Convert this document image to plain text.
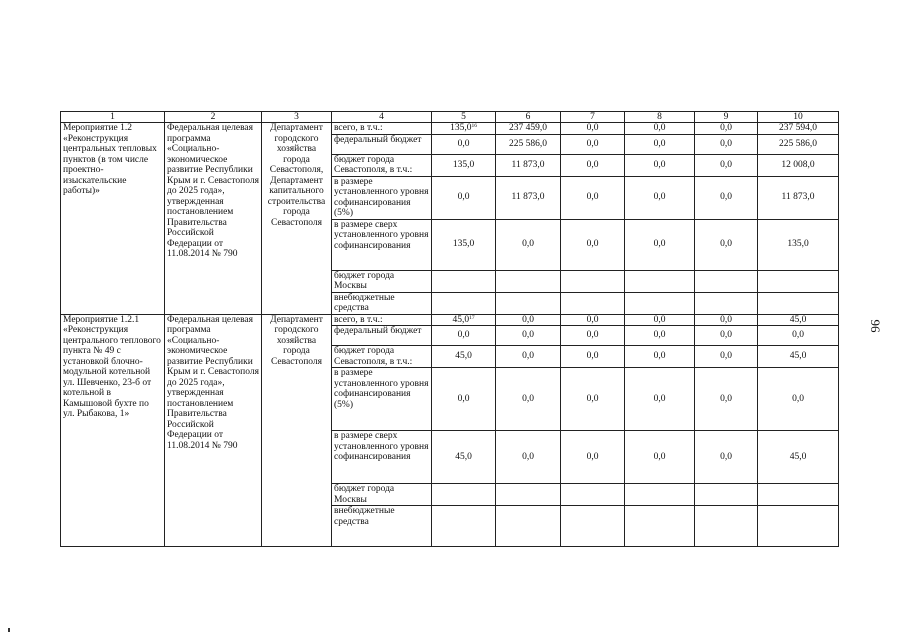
1	2	3	4	5	6	7	8	9	10
Мероприятие 1.2 «Реконструкция центральных тепловых пунктов (в том числе проектно-изыскательские работы)»	Федеральная целевая программа «Социально-экономическое развитие Республики Крым и г. Севастополя до 2025 года», утвержденная постановлением Правительства Российской Федерации от 11.08.2014 № 790	Департамент городского хозяйства города Севастополя, Департамент капитального строительства города Севастополя	всего, в т.ч.:	135,0$^{16}$	237 459,0	0,0	0,0	0,0	237 594,0
			федеральный бюджет	0,0	225 586,0	0,0	0,0	0,0	225 586,0
			бюджет города Севастополя, в т.ч.:	135,0	11 873,0	0,0	0,0	0,0	12 008,0
			в размере установленного уровня софинансирования (5%)	0,0	11 873,0	0,0	0,0	0,0	11 873,0
			в размере сверх установленного уровня софинансирования	135,0	0,0	0,0	0,0	0,0	135,0
			бюджет города Москвы						
			внебюджетные средства						
Мероприятие 1.2.1 «Реконструкция центрального теплового пункта № 49 с установкой блочно-модульной котельной ул. Шевченко, 23-б от котельной в Камышовой бухте по ул. Рыбакова, 1»	Федеральная целевая программа «Социально-экономическое развитие Республики Крым и г. Севастополя до 2025 года», утвержденная постановлением Правительства Российской Федерации от 11.08.2014 № 790	Департамент городского хозяйства города Севастополя	всего, в т.ч.:	45,0$^{17}$	0,0	0,0	0,0	0,0	45,0
			федеральный бюджет	0,0	0,0	0,0	0,0	0,0	0,0
			бюджет города Севастополя, в т.ч.:	45,0	0,0	0,0	0,0	0,0	45,0
			в размере установленного уровня софинансирования (5%)	0,0	0,0	0,0	0,0	0,0	0,0
			в размере сверх установленного уровня софинансирования	45,0	0,0	0,0	0,0	0,0	45,0
			бюджет города Москвы						
			внебюджетные средства						
96
